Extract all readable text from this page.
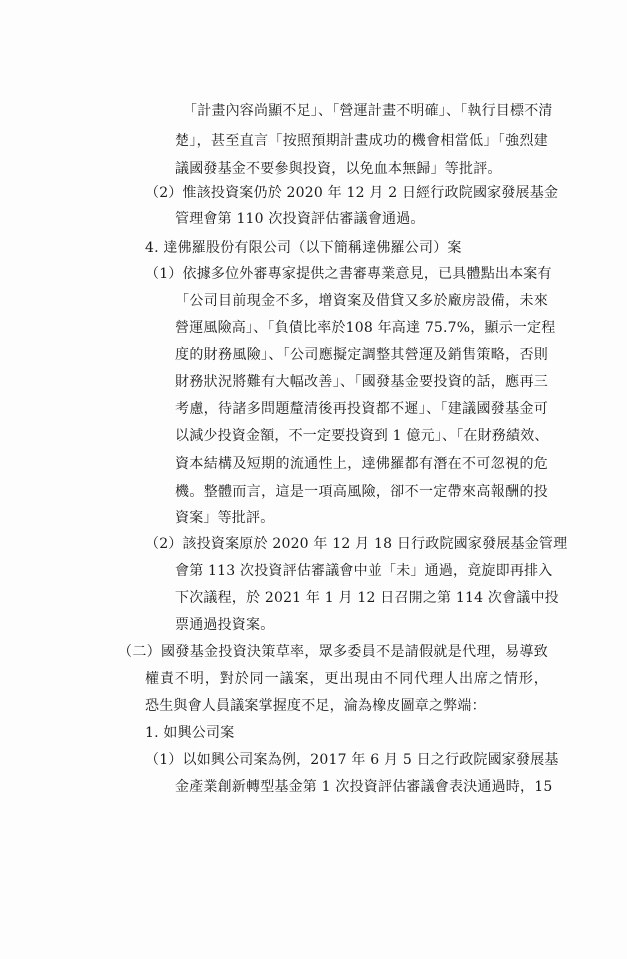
「計畫內容尚顯不足」、「營運計畫不明確」、「執行目標不清
楚」，甚至直言「按照預期計畫成功的機會相當低」「強烈建
議國發基金不要參與投資，以免血本無歸」等批評。
（2）惟該投資案仍於 2020 年 12 月 2 日經行政院國家發展基金
管理會第 110 次投資評估審議會通過。
4. 達佛羅股份有限公司（以下簡稱達佛羅公司）案
（1）依據多位外審專家提供之書審專業意見，已具體點出本案有
「公司目前現金不多，增資案及借貸又多於廠房設備，未來
營運風險高」、「負債比率於108 年高達 75.7%，顯示一定程
度的財務風險」、「公司應擬定調整其營運及銷售策略，否則
財務狀況將難有大幅改善」、「國發基金要投資的話，應再三
考慮，待諸多問題釐清後再投資都不遲」、「建議國發基金可
以減少投資金額，不一定要投資到 1 億元」、「在財務績效、
資本結構及短期的流通性上，達佛羅都有潛在不可忽視的危
機。整體而言，這是一項高風險，卻不一定帶來高報酬的投
資案」等批評。
（2）該投資案原於 2020 年 12 月 18 日行政院國家發展基金管理
會第 113 次投資評估審議會中並「未」通過，竟旋即再排入
下次議程，於 2021 年 1 月 12 日召開之第 114 次會議中投
票通過投資案。
（二）國發基金投資決策草率，眾多委員不是請假就是代理，易導致
權責不明，對於同一議案，更出現由不同代理人出席之情形，
恐生與會人員議案掌握度不足，淪為橡皮圖章之弊端：
1. 如興公司案
（1）以如興公司案為例，2017 年 6 月 5 日之行政院國家發展基
金產業創新轉型基金第 1 次投資評估審議會表決通過時，15
